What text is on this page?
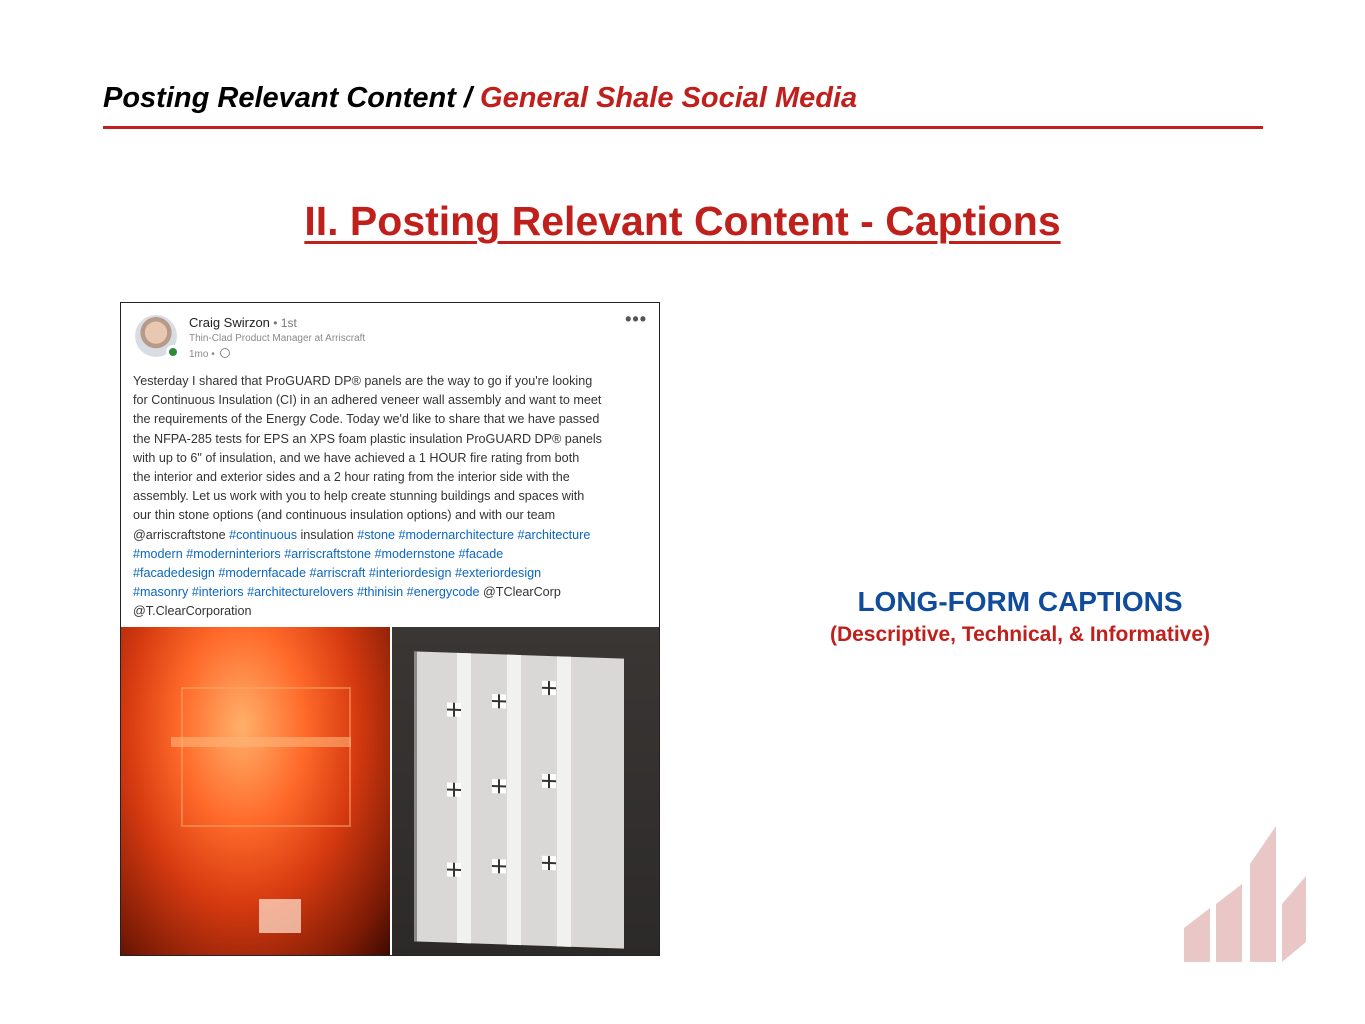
Posting Relevant Content / General Shale Social Media
II. Posting Relevant Content - Captions
Craig Swirzon • 1st
Thin-Clad Product Manager at Arriscraft
1mo •
•••
Yesterday I shared that ProGUARD DP® panels are the way to go if you're looking
for Continuous Insulation (CI) in an adhered veneer wall assembly and want to meet
the requirements of the Energy Code. Today we'd like to share that we have passed
the NFPA-285 tests for EPS an XPS foam plastic insulation ProGUARD DP® panels
with up to 6" of insulation, and we have achieved a 1 HOUR fire rating from both
the interior and exterior sides and a 2 hour rating from the interior side with the
assembly. Let us work with you to help create stunning buildings and spaces with
our thin stone options (and continuous insulation options) and with our team
@arriscraftstone #continuous insulation #stone #modernarchitecture #architecture
#modern #moderninteriors #arriscraftstone #modernstone #facade
#facadedesign #modernfacade #arriscraft #interiordesign #exteriordesign
#masonry #interiors #architecturelovers #thinisin #energycode @TClearCorp
@T.ClearCorporation	LONG-FORM CAPTIONS
(Descriptive, Technical, & Informative)
